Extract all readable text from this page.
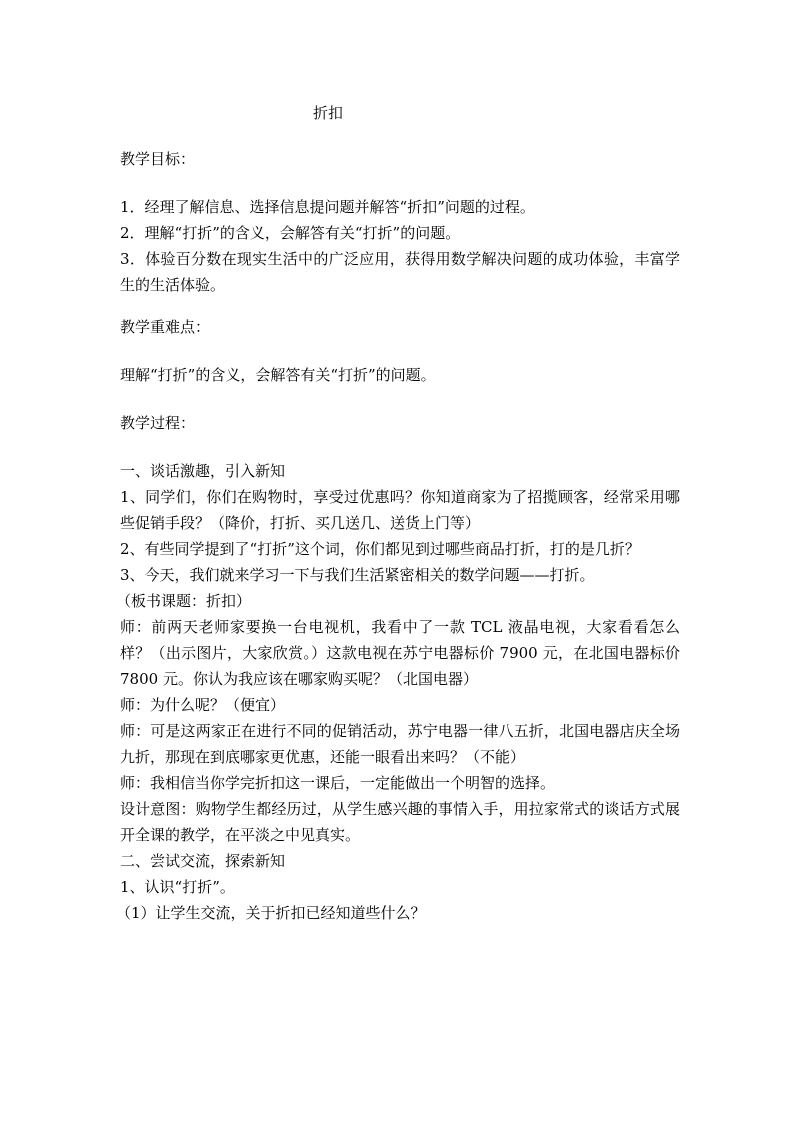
折扣

教学目标：

1．经理了解信息、选择信息提问题并解答“折扣”问题的过程。

2．理解“打折”的含义，会解答有关“打折”的问题。

3．体验百分数在现实生活中的广泛应用，获得用数学解决问题的成功体验，丰富学生的生活体验。

教学重难点：

理解“打折”的含义，会解答有关“打折”的问题。

教学过程：

一、谈话激趣，引入新知

1、同学们，你们在购物时，享受过优惠吗？你知道商家为了招揽顾客，经常采用哪些促销手段？（降价，打折、买几送几、送货上门等）

2、有些同学提到了“打折”这个词，你们都见到过哪些商品打折，打的是几折？

3、今天，我们就来学习一下与我们生活紧密相关的数学问题——打折。

（板书课题：折扣）

师：前两天老师家要换一台电视机，我看中了一款 TCL 液晶电视，大家看看怎么样？（出示图片，大家欣赏。）这款电视在苏宁电器标价 7900 元，在北国电器标价 7800 元。你认为我应该在哪家购买呢？（北国电器）

师：为什么呢？（便宜）

师：可是这两家正在进行不同的促销活动，苏宁电器一律八五折，北国电器店庆全场九折，那现在到底哪家更优惠，还能一眼看出来吗？（不能）

师：我相信当你学完折扣这一课后，一定能做出一个明智的选择。

设计意图：购物学生都经历过，从学生感兴趣的事情入手，用拉家常式的谈话方式展开全课的教学，在平淡之中见真实。

二、尝试交流，探索新知

1、认识“打折”。

（1）让学生交流，关于折扣已经知道些什么？
